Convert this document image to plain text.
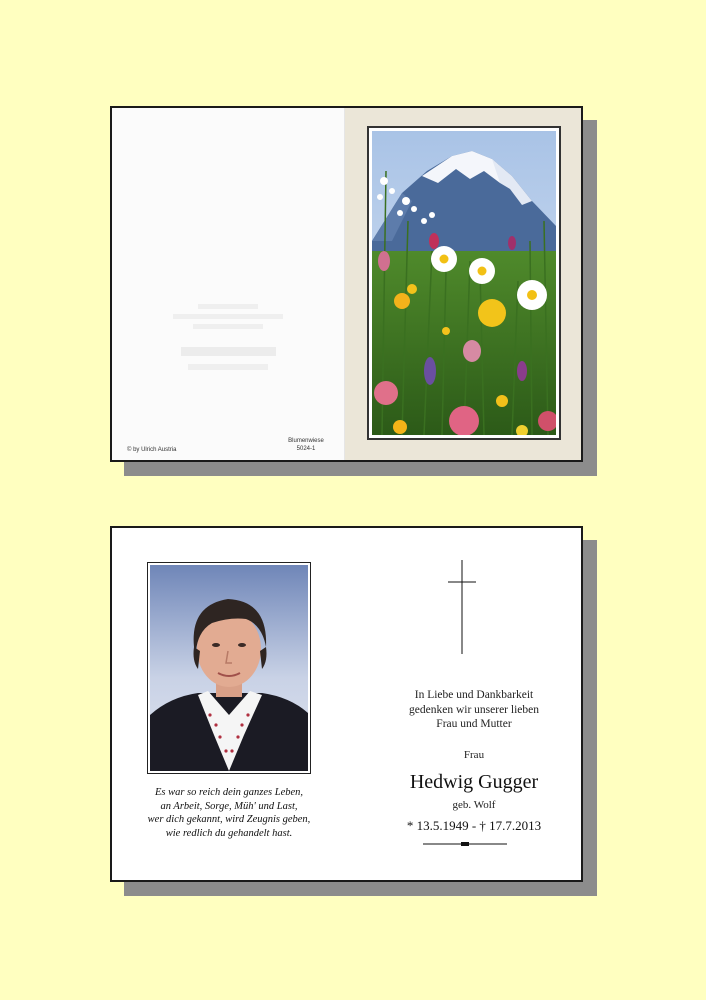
© by Ulrich Austria
Blumenwiese
5024-1
Es war so reich dein ganzes Leben,
an Arbeit, Sorge, Müh' und Last,
wer dich gekannt, wird Zeugnis geben,
wie redlich du gehandelt hast.
In Liebe und Dankbarkeit
gedenken wir unserer lieben
Frau und Mutter
Frau
Hedwig Gugger
geb. Wolf
* 13.5.1949 - † 17.7.2013
